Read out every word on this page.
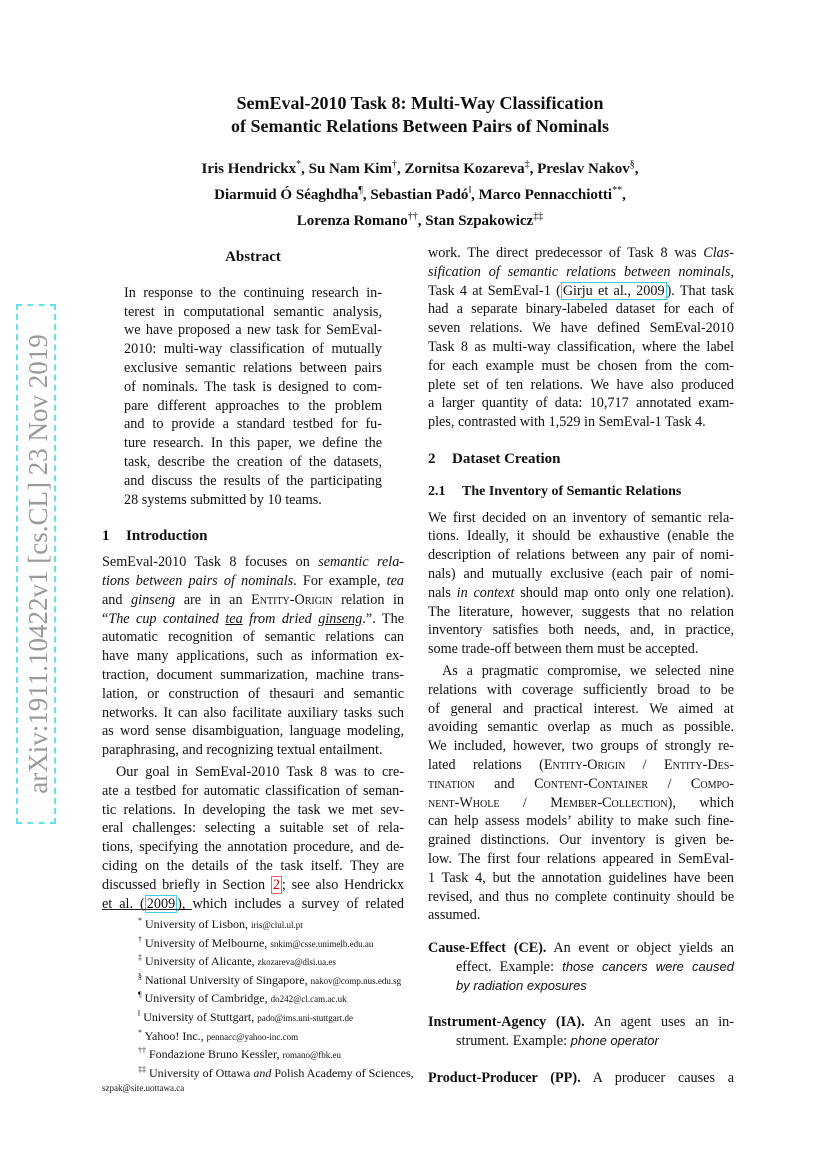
arXiv:1911.10422v1 [cs.CL] 23 Nov 2019
SemEval-2010 Task 8: Multi-Way Classification
of Semantic Relations Between Pairs of Nominals
Iris Hendrickx*, Su Nam Kim†, Zornitsa Kozareva‡, Preslav Nakov§,
Diarmuid Ó Séaghdha¶, Sebastian Padó‖, Marco Pennacchiotti**,
Lorenza Romano††, Stan Szpakowicz‡‡
Abstract
In response to the continuing research in-
terest in computational semantic analysis,
we have proposed a new task for SemEval-
2010: multi-way classification of mutually
exclusive semantic relations between pairs
of nominals. The task is designed to com-
pare different approaches to the problem
and to provide a standard testbed for fu-
ture research. In this paper, we define the
task, describe the creation of the datasets,
and discuss the results of the participating
28 systems submitted by 10 teams.
1 Introduction
SemEval-2010 Task 8 focuses on semantic rela-
tions between pairs of nominals. For example, tea
and ginseng are in an Entity-Origin relation in
“The cup contained tea from dried ginseng.”. The
automatic recognition of semantic relations can
have many applications, such as information ex-
traction, document summarization, machine trans-
lation, or construction of thesauri and semantic
networks. It can also facilitate auxiliary tasks such
as word sense disambiguation, language modeling,
paraphrasing, and recognizing textual entailment.
Our goal in SemEval-2010 Task 8 was to cre-
ate a testbed for automatic classification of seman-
tic relations. In developing the task we met sev-
eral challenges: selecting a suitable set of rela-
tions, specifying the annotation procedure, and de-
ciding on the details of the task itself. They are
discussed briefly in Section 2 ; see also Hendrickx
et al. ( 2009 ), which includes a survey of related
* University of Lisbon, iris@clul.ul.pt
† University of Melbourne, snkim@csse.unimelb.edu.au
‡ University of Alicante, zkozareva@dlsi.ua.es
§ National University of Singapore, nakov@comp.nus.edu.sg
¶ University of Cambridge, do242@cl.cam.ac.uk
‖ University of Stuttgart, pado@ims.uni-stuttgart.de
* Yahoo! Inc., pennacc@yahoo-inc.com
†† Fondazione Bruno Kessler, romano@fbk.eu
‡‡ University of Ottawa and Polish Academy of Sciences,
szpak@site.uottawa.ca
work. The direct predecessor of Task 8 was Clas-
sification of semantic relations between nominals,
Task 4 at SemEval-1 ( Girju et al., 2009 ). That task
had a separate binary-labeled dataset for each of
seven relations. We have defined SemEval-2010
Task 8 as multi-way classification, where the label
for each example must be chosen from the com-
plete set of ten relations. We have also produced
a larger quantity of data: 10,717 annotated exam-
ples, contrasted with 1,529 in SemEval-1 Task 4.
2 Dataset Creation
2.1 The Inventory of Semantic Relations
We first decided on an inventory of semantic rela-
tions. Ideally, it should be exhaustive (enable the
description of relations between any pair of nomi-
nals) and mutually exclusive (each pair of nomi-
nals in context should map onto only one relation).
The literature, however, suggests that no relation
inventory satisfies both needs, and, in practice,
some trade-off between them must be accepted.
As a pragmatic compromise, we selected nine
relations with coverage sufficiently broad to be
of general and practical interest. We aimed at
avoiding semantic overlap as much as possible.
We included, however, two groups of strongly re-
lated relations (Entity-Origin / Entity-Des-
tination and Content-Container / Compo-
nent-Whole / Member-Collection), which
can help assess models’ ability to make such fine-
grained distinctions. Our inventory is given be-
low. The first four relations appeared in SemEval-
1 Task 4, but the annotation guidelines have been
revised, and thus no complete continuity should be
assumed.
Cause-Effect (CE). An event or object yields an
effect. Example: those cancers were caused
by radiation exposures
Instrument-Agency (IA). An agent uses an in-
strument. Example: phone operator
Product-Producer (PP). A producer causes a
